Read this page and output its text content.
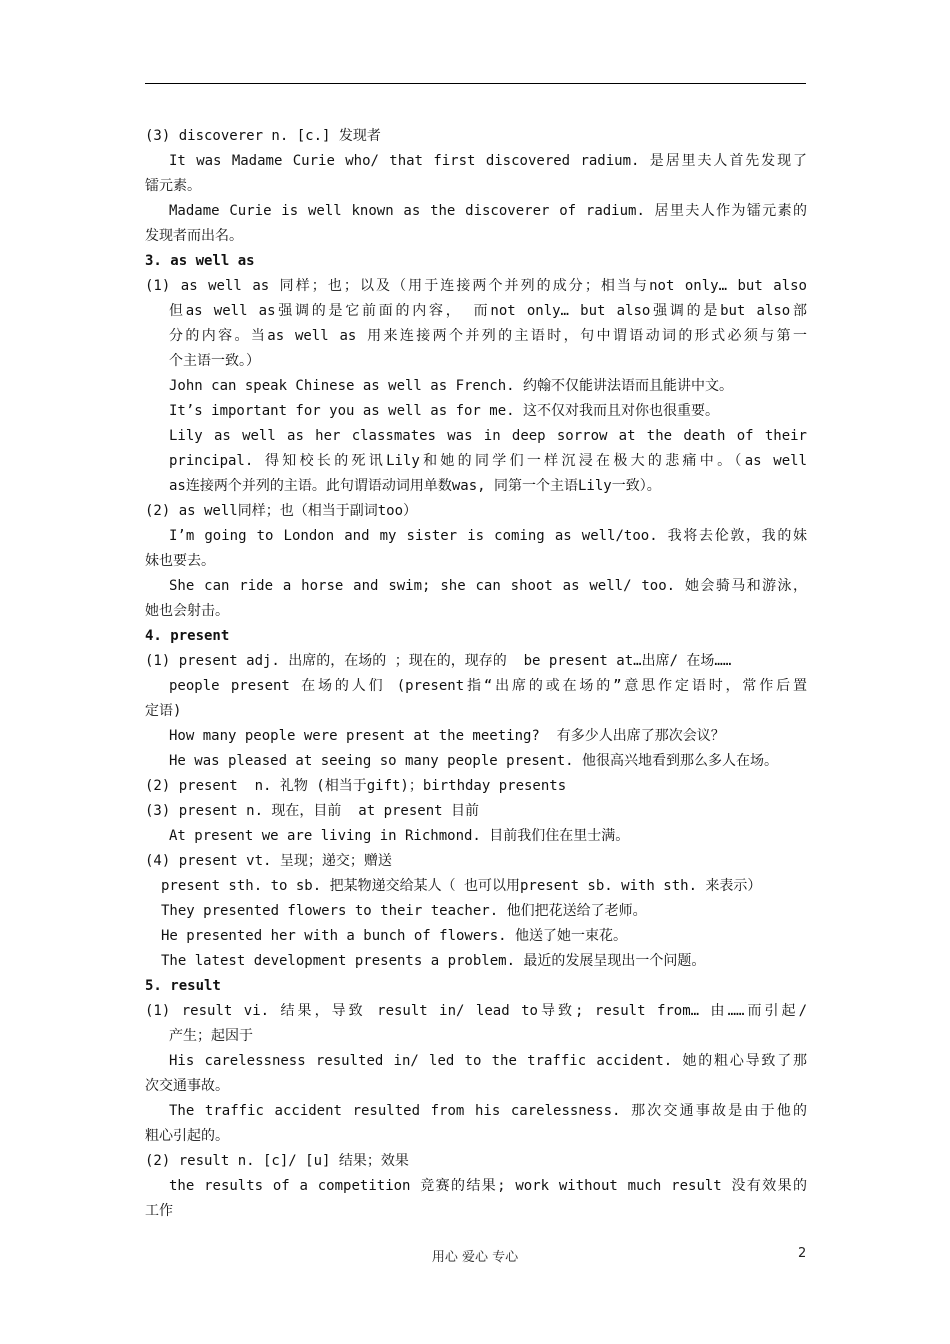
(3) discoverer n. [c.] 发现者
It was Madame Curie who/ that first discovered radium. 是居里夫人首先发现了
镭元素。
Madame Curie is well known as the discoverer of radium. 居里夫人作为镭元素的
发现者而出名。
3. as well as
(1) as well as 同样；也；以及（用于连接两个并列的成分；相当与not only… but also
但as well as强调的是它前面的内容， 而not only… but also强调的是but also部
分的内容。当as well as 用来连接两个并列的主语时，句中谓语动词的形式必须与第一
个主语一致。）
John can speak Chinese as well as French. 约翰不仅能讲法语而且能讲中文。
It’s important for you as well as for me. 这不仅对我而且对你也很重要。
Lily as well as her classmates was in deep sorrow at the death of their
principal. 得知校长的死讯Lily和她的同学们一样沉浸在极大的悲痛中。（as well
as连接两个并列的主语。此句谓语动词用单数was, 同第一个主语Lily一致）。
(2) as well同样；也（相当于副词too）
I’m going to London and my sister is coming as well/too. 我将去伦敦，我的妹
妹也要去。
She can ride a horse and swim; she can shoot as well/ too. 她会骑马和游泳，
她也会射击。
4. present
(1) present adj. 出席的，在场的 ；现在的，现存的  be present at…出席/ 在场……
people present 在场的人们 (present指“出席的或在场的”意思作定语时，常作后置
定语)
How many people were present at the meeting?  有多少人出席了那次会议？
He was pleased at seeing so many people present. 他很高兴地看到那么多人在场。
(2) present  n. 礼物 (相当于gift)；birthday presents
(3) present n. 现在，目前  at present 目前
At present we are living in Richmond. 目前我们住在里士满。
(4) present vt. 呈现；递交；赠送
present sth. to sb. 把某物递交给某人（ 也可以用present sb. with sth. 来表示）
They presented flowers to their teacher. 他们把花送给了老师。
He presented her with a bunch of flowers. 他送了她一束花。
The latest development presents a problem. 最近的发展呈现出一个问题。
5. result
(1) result vi. 结果，导致 result in/ lead to导致; result from… 由……而引起/
产生；起因于
His carelessness resulted in/ led to the traffic accident. 她的粗心导致了那
次交通事故。
The traffic accident resulted from his carelessness. 那次交通事故是由于他的
粗心引起的。
(2) result n. [c]/ [u] 结果；效果
the results of a competition 竞赛的结果; work without much result 没有效果的
工作
用心 爱心 专心	2
